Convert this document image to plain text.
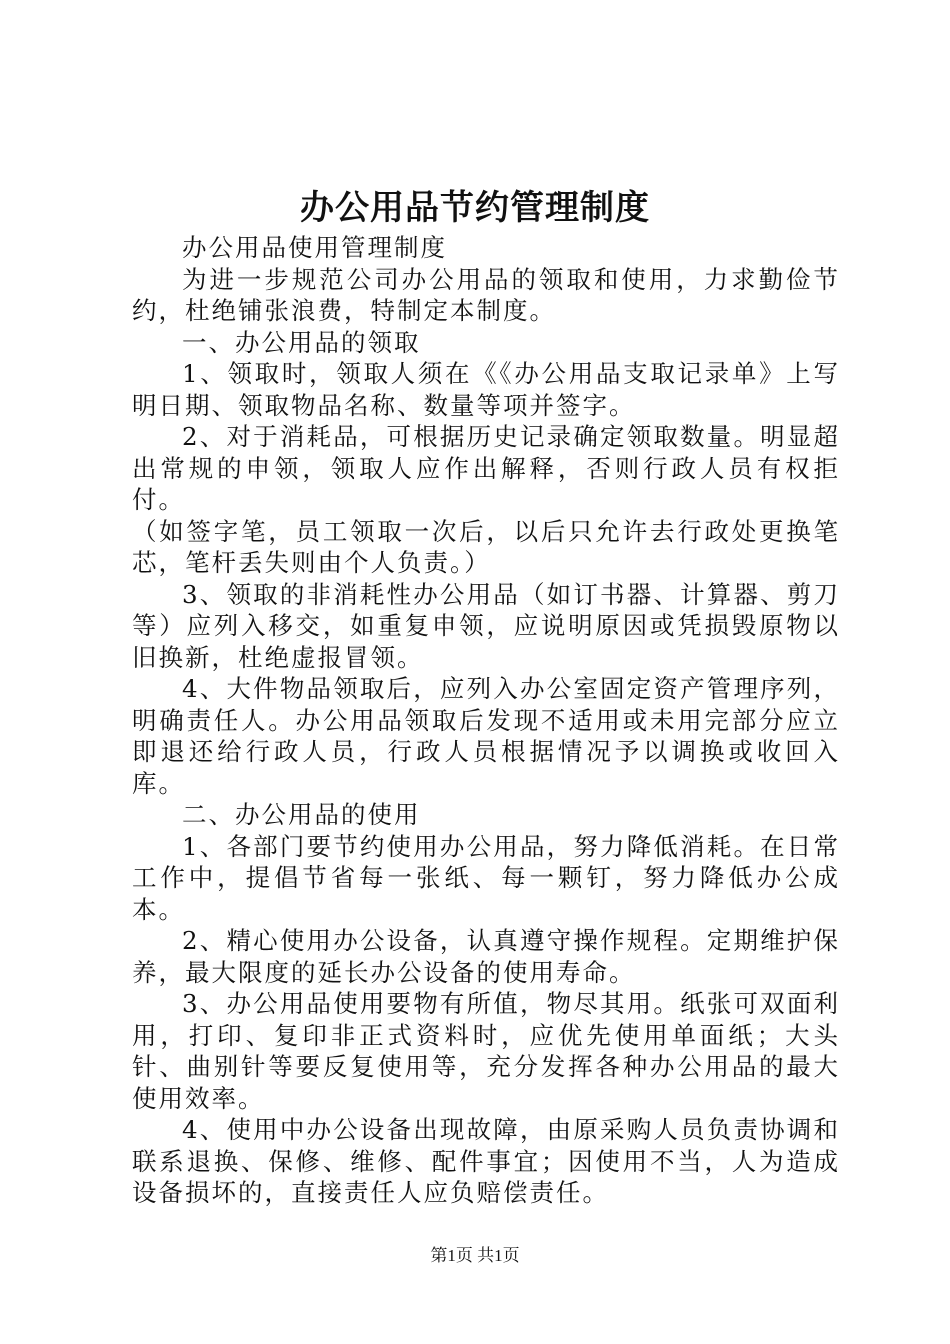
办公用品节约管理制度

办公用品使用管理制度

为进一步规范公司办公用品的领取和使用，力求勤俭节约，杜绝铺张浪费，特制定本制度。

一、办公用品的领取

1、领取时，领取人须在《《办公用品支取记录单》上写明日期、领取物品名称、数量等项并签字。

2、对于消耗品，可根据历史记录确定领取数量。明显超出常规的申领，领取人应作出解释，否则行政人员有权拒付。

（如签字笔，员工领取一次后，以后只允许去行政处更换笔芯，笔杆丢失则由个人负责。）

3、领取的非消耗性办公用品（如订书器、计算器、剪刀等）应列入移交，如重复申领，应说明原因或凭损毁原物以旧换新，杜绝虚报冒领。

4、大件物品领取后，应列入办公室固定资产管理序列，明确责任人。办公用品领取后发现不适用或未用完部分应立即退还给行政人员，行政人员根据情况予以调换或收回入库。

二、办公用品的使用

1、各部门要节约使用办公用品，努力降低消耗。在日常工作中，提倡节省每一张纸、每一颗钉，努力降低办公成本。

2、精心使用办公设备，认真遵守操作规程。定期维护保养，最大限度的延长办公设备的使用寿命。

3、办公用品使用要物有所值，物尽其用。纸张可双面利用，打印、复印非正式资料时，应优先使用单面纸；大头针、曲别针等要反复使用等，充分发挥各种办公用品的最大使用效率。

4、使用中办公设备出现故障，由原采购人员负责协调和联系退换、保修、维修、配件事宜；因使用不当，人为造成设备损坏的，直接责任人应负赔偿责任。

第1页 共1页
